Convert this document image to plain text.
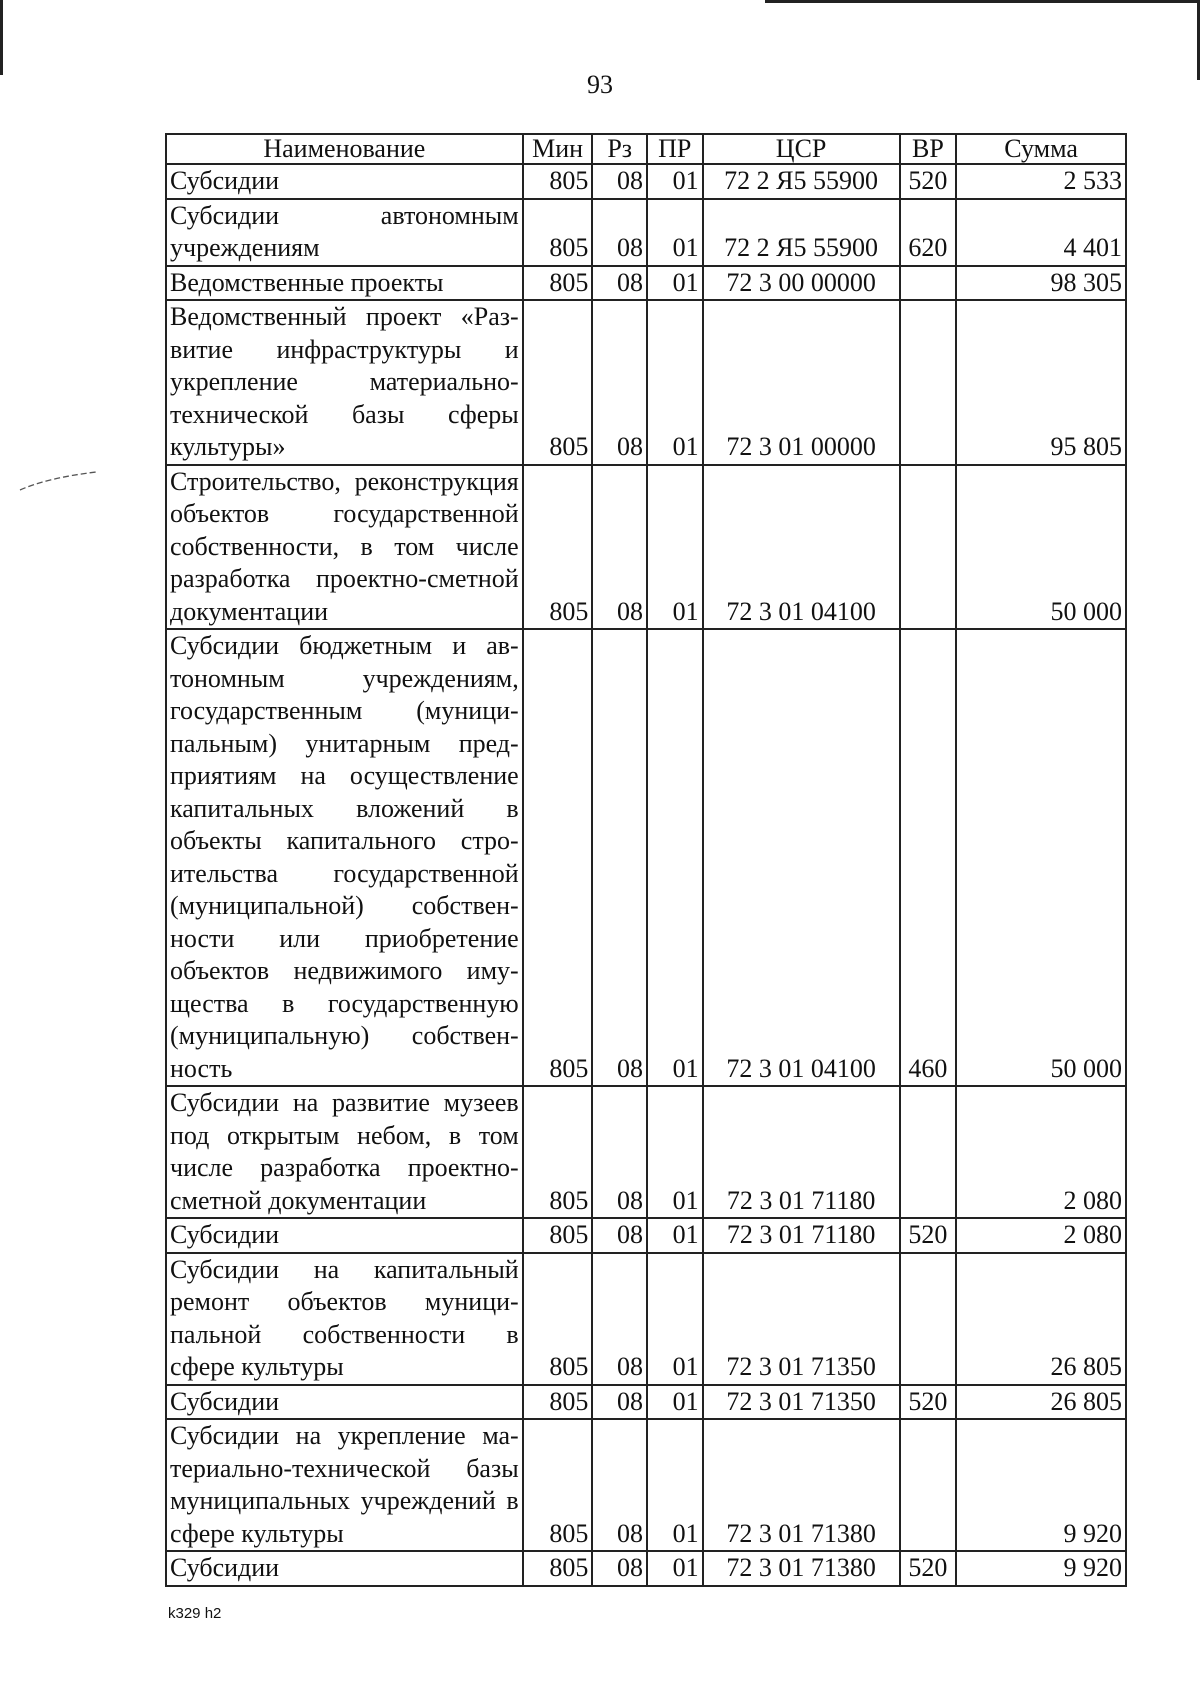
93
Наименование	Мин	Рз	ПР	ЦСР	ВР	Сумма
Субсидии	805	08	01	72 2 Я5 55900	520	2 533
Субсидии автономным учреждениям	805	08	01	72 2 Я5 55900	620	4 401
Ведомственные проекты	805	08	01	72 3 00 00000		98 305
Ведомственный проект «Развитие инфраструктуры и укрепление материально-технической базы сферы культуры»	805	08	01	72 3 01 00000		95 805
Строительство, реконструкция объектов государственной собственности, в том числе разработка проектно-сметной документации	805	08	01	72 3 01 04100		50 000
Субсидии бюджетным и автономным учреждениям, государственным (муниципальным) унитарным предприятиям на осуществление капитальных вложений в объекты капитального строительства государственной (муниципальной) собственности или приобретение объектов недвижимого имущества в государственную (муниципальную) собственность	805	08	01	72 3 01 04100	460	50 000
Субсидии на развитие музеев под открытым небом, в том числе разработка проектно-сметной документации	805	08	01	72 3 01 71180		2 080
Субсидии	805	08	01	72 3 01 71180	520	2 080
Субсидии на капитальный ремонт объектов муниципальной собственности в сфере культуры	805	08	01	72 3 01 71350		26 805
Субсидии	805	08	01	72 3 01 71350	520	26 805
Субсидии на укрепление материально-технической базы муниципальных учреждений в сфере культуры	805	08	01	72 3 01 71380		9 920
Субсидии	805	08	01	72 3 01 71380	520	9 920
k329 h2
